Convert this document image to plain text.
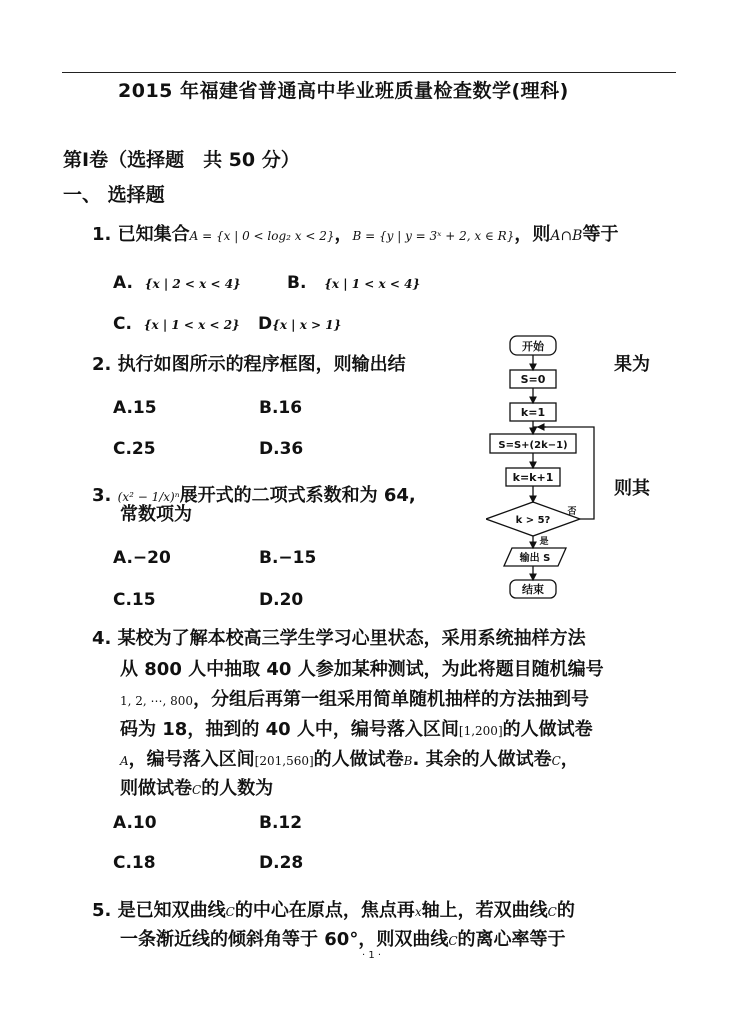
2015 年福建省普通高中毕业班质量检查数学(理科)
第Ⅰ卷（选择题　共 50 分）
一、 选择题
1. 已知集合A = {x | 0 < log₂ x < 2}，B = {y | y = 3ˣ + 2, x ∈ R}，则A∩B等于
A. {x | 2 < x < 4}	B. {x | 1 < x < 4}
C. {x | 1 < x < 2} D{x | x > 1}
2. 执行如图所示的程序框图，则输出结	果为
A.15	B.16
C.25	D.36
3. (x² − 1/x)ⁿ展开式的二项式系数和为 64,	则其
常数项为
A.−20	B.−15
C.15	D.20
4. 某校为了解本校高三学生学习心里状态，采用系统抽样方法
从 800 人中抽取 40 人参加某种测试，为此将题目随机编号
1, 2, ⋯, 800，分组后再第一组采用简单随机抽样的方法抽到号
码为 18，抽到的 40 人中，编号落入区间[1,200]的人做试卷
A，编号落入区间[201,560]的人做试卷B. 其余的人做试卷C，
则做试卷C的人数为
A.10	B.12
C.18	D.28
5. 是已知双曲线C的中心在原点，焦点再x轴上，若双曲线C的
一条渐近线的倾斜角等于 60°，则双曲线C的离心率等于
· 1 ·
开始
S=0
k=1
S=S+(2k−1)
k=k+1
k > 5?
否
是
输出 S
结束
